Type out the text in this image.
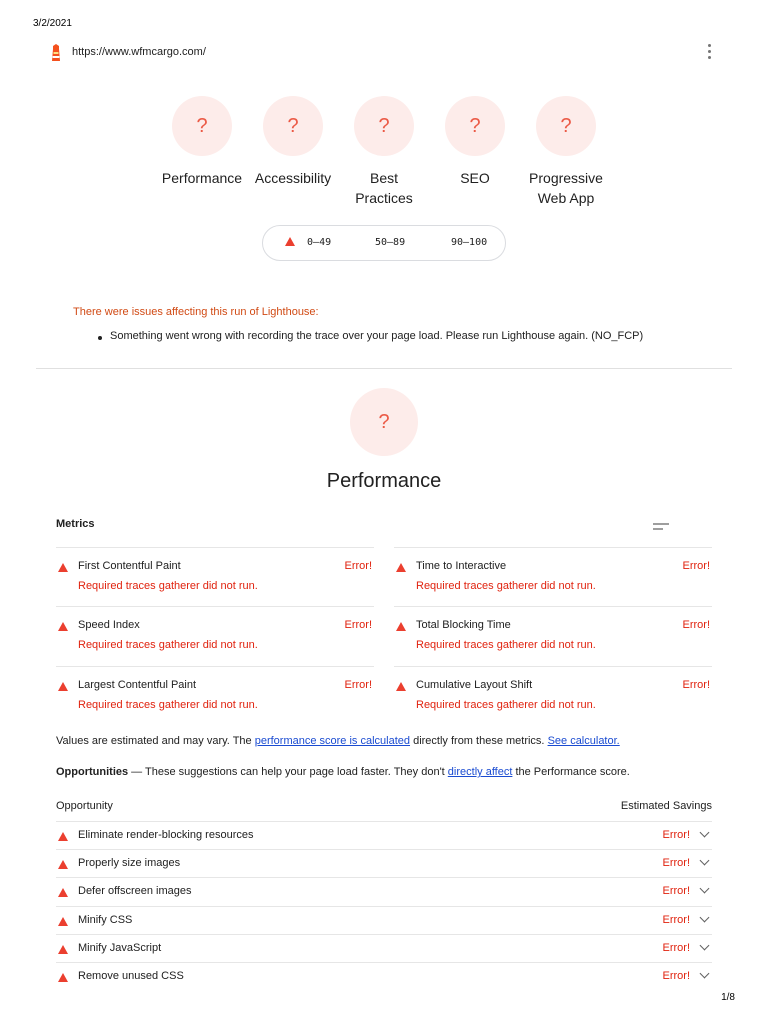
3/2/2021
https://www.wfmcargo.com/
?
Performance
?
Accessibility
?
Best
Practices
?
SEO
?
Progressive
Web App
0–49	50–89	90–100
There were issues affecting this run of Lighthouse:
Something went wrong with recording the trace over your page load. Please run Lighthouse again. (NO_FCP)
?
Performance
Metrics
First Contentful Paint	Error!
Required traces gatherer did not run.
Time to Interactive	Error!
Required traces gatherer did not run.
Speed Index	Error!
Required traces gatherer did not run.
Total Blocking Time	Error!
Required traces gatherer did not run.
Largest Contentful Paint	Error!
Required traces gatherer did not run.
Cumulative Layout Shift	Error!
Required traces gatherer did not run.
Values are estimated and may vary. The performance score is calculated directly from these metrics. See calculator.
Opportunities — These suggestions can help your page load faster. They don't directly affect the Performance score.
Opportunity	Estimated Savings
Eliminate render-blocking resources	Error!
Properly size images	Error!
Defer offscreen images	Error!
Minify CSS	Error!
Minify JavaScript	Error!
Remove unused CSS	Error!
1/8
